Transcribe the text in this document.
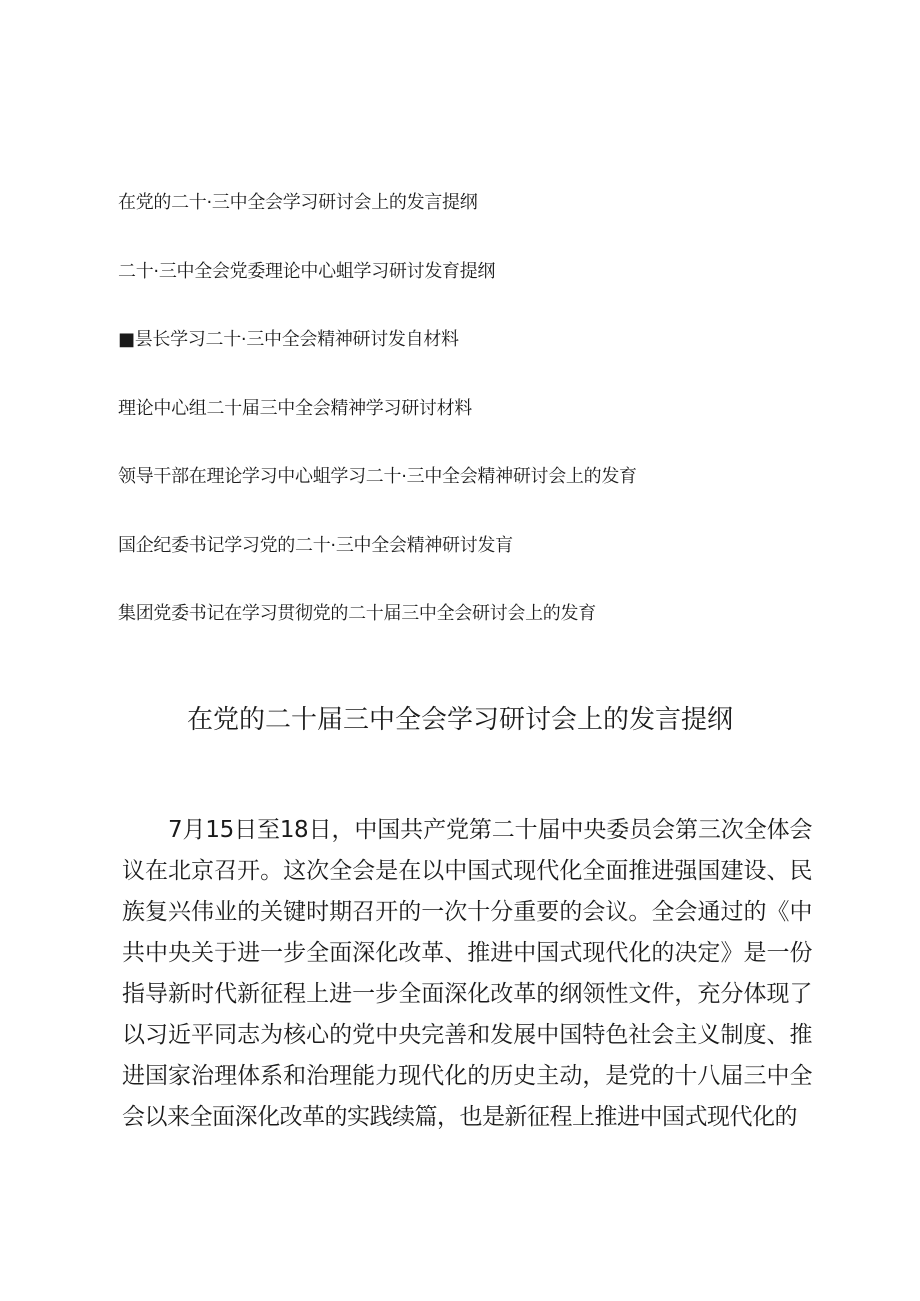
在党的二十·三中全会学习研讨会上的发言提纲
二十·三中全会党委理论中心蛆学习研讨发育提纲
■昙长学习二十·三中全会精神研讨发自材料
理论中心组二十届三中全会精神学习研讨材料
领导干部在理论学习中心蛆学习二十·三中全会精神研讨会上的发育
国企纪委书记学习党的二十·三中全会精神研讨发肓
集团党委书记在学习贯彻党的二十届三中全会研讨会上的发育
在党的二十届三中全会学习研讨会上的发言提纲

7月15日至18日，中国共产党第二十届中央委员会第三次全体会议在北京召开。这次全会是在以中国式现代化全面推进强国建设、民族复兴伟业的关键时期召开的一次十分重要的会议。全会通过的《中共中央关于进一步全面深化改革、推进中国式现代化的决定》是一份指导新时代新征程上进一步全面深化改革的纲领性文件，充分体现了以习近平同志为核心的党中央完善和发展中国特色社会主义制度、推进国家治理体系和治理能力现代化的历史主动，是党的十八届三中全会以来全面深化改革的实践续篇，也是新征程上推进中国式现代化的
